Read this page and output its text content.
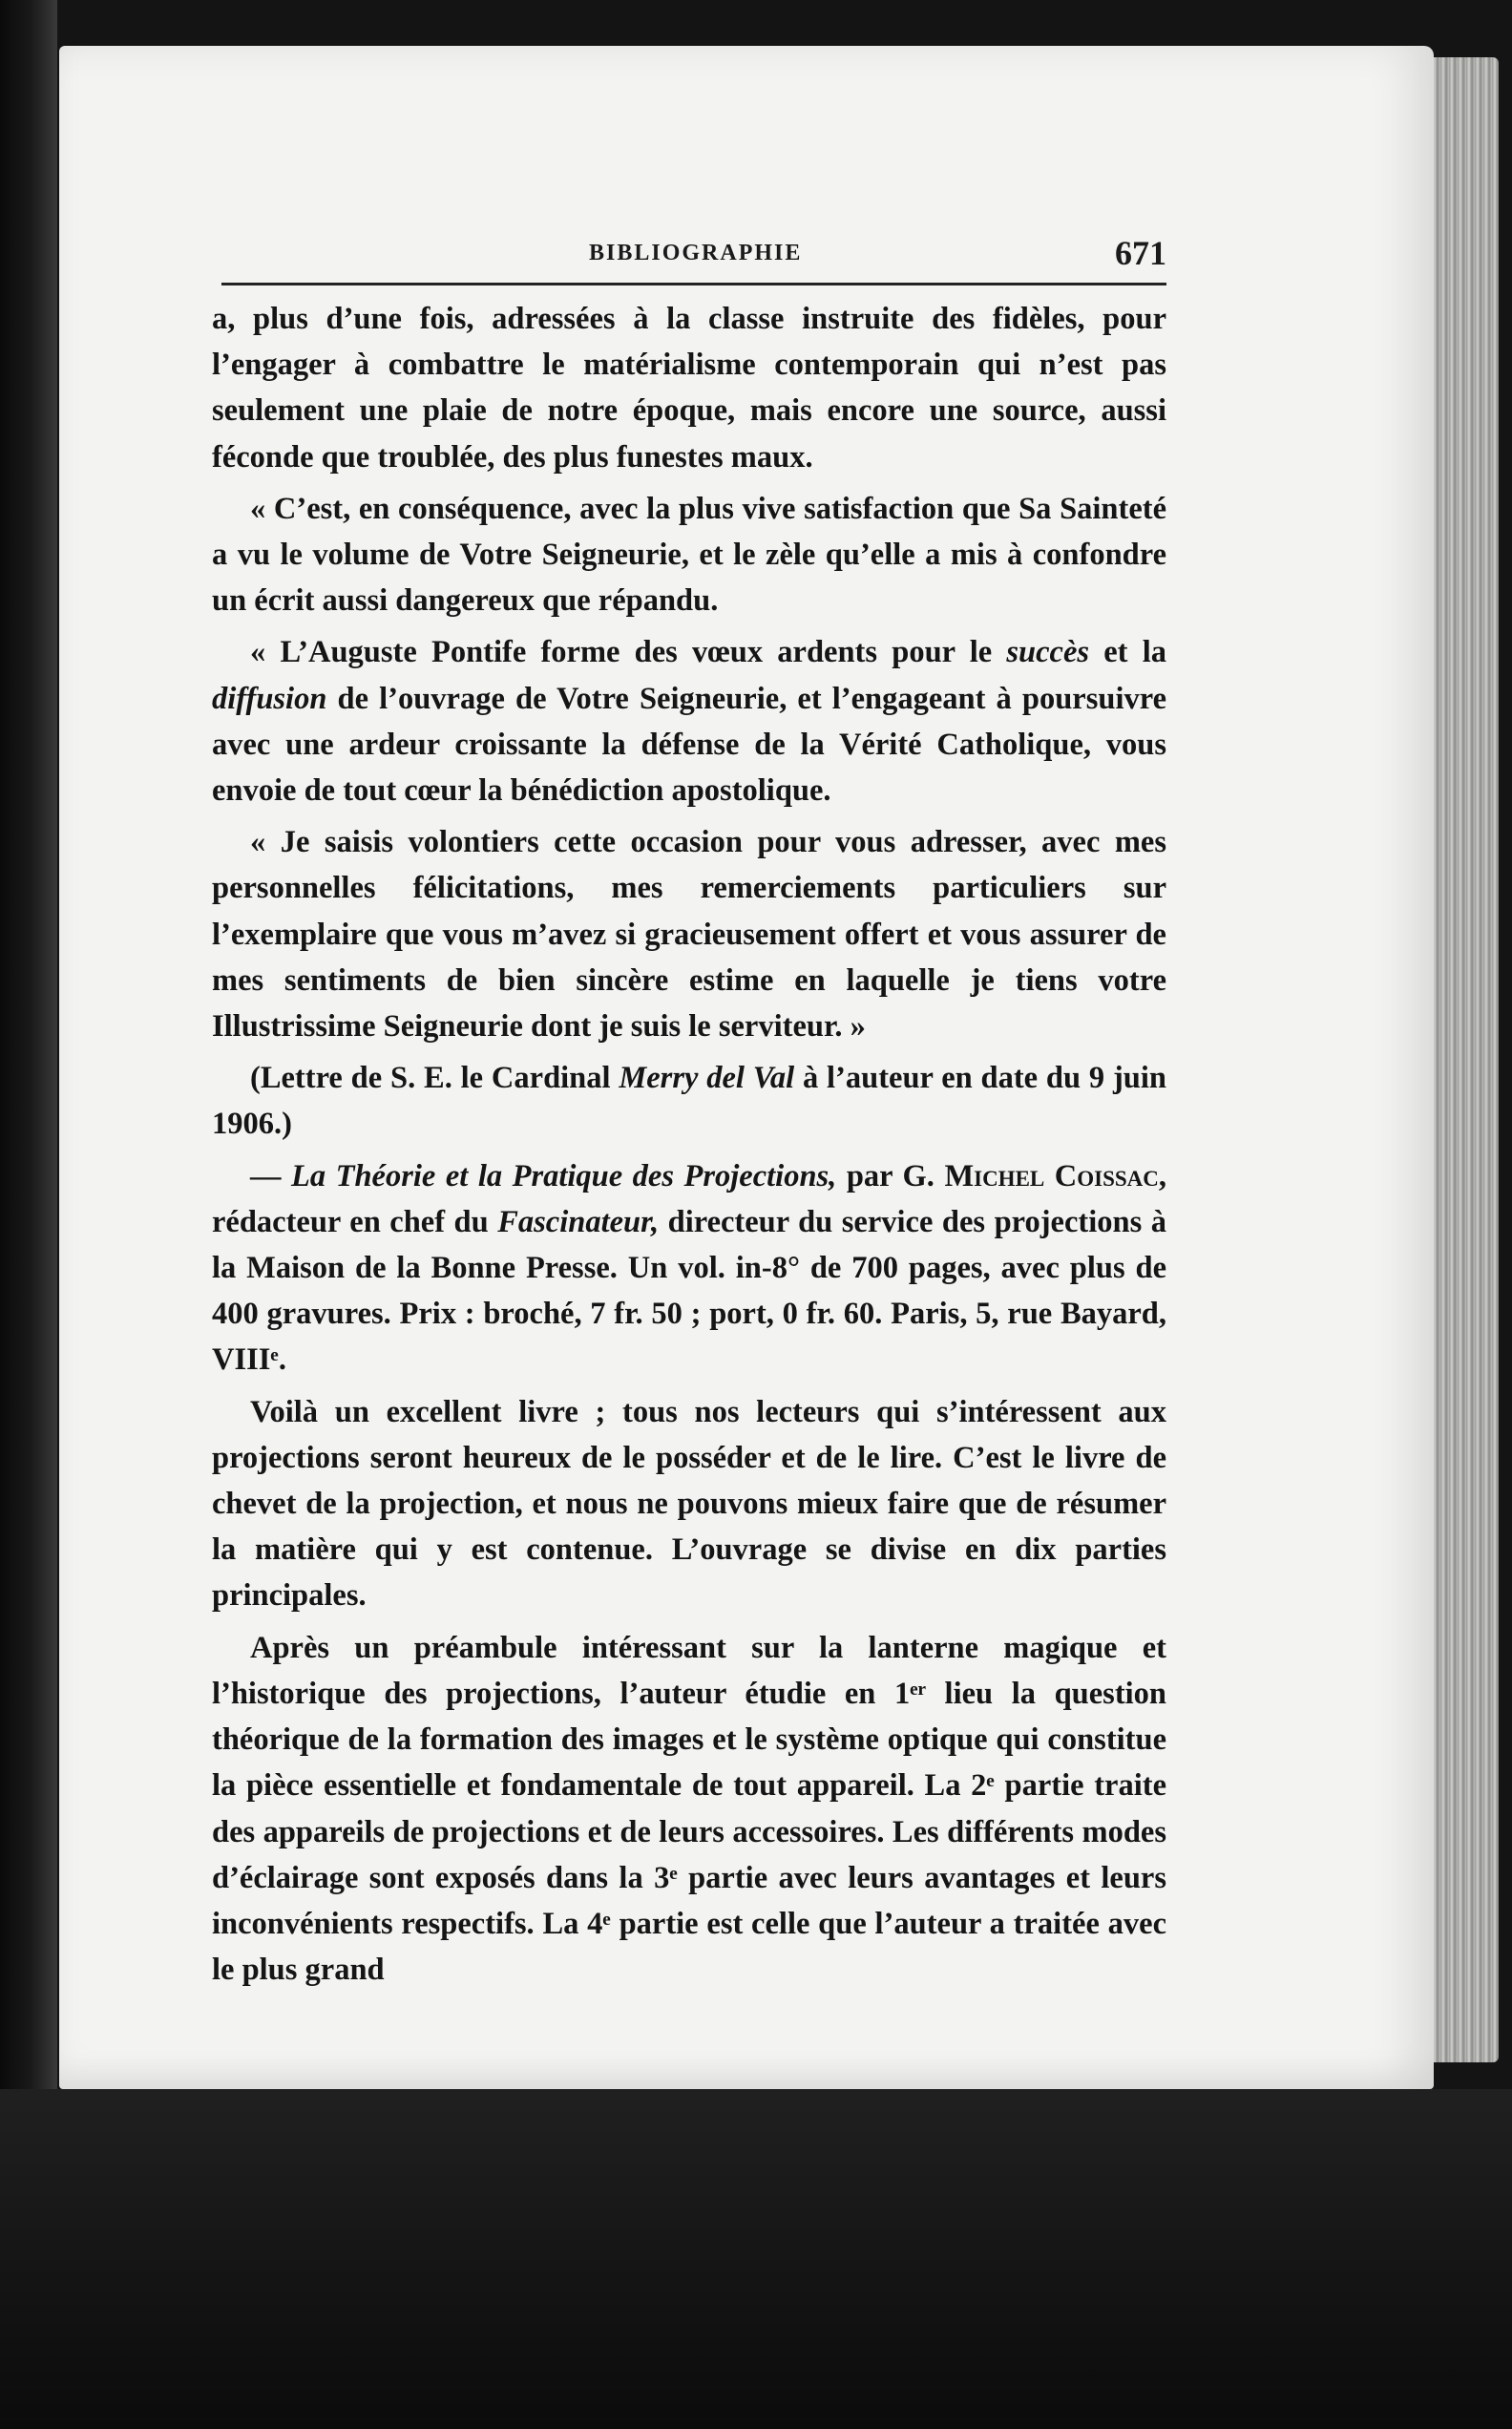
BIBLIOGRAPHIE	671

a, plus d’une fois, adressées à la classe instruite des fidèles, pour l’engager à combattre le matérialisme contemporain qui n’est pas seulement une plaie de notre époque, mais encore une source, aussi féconde que troublée, des plus funestes maux.

« C’est, en conséquence, avec la plus vive satisfaction que Sa Sainteté a vu le volume de Votre Seigneurie, et le zèle qu’elle a mis à confondre un écrit aussi dangereux que répandu.

« L’Auguste Pontife forme des vœux ardents pour le succès et la diffusion de l’ouvrage de Votre Seigneurie, et l’engageant à poursuivre avec une ardeur croissante la défense de la Vérité Catholique, vous envoie de tout cœur la bénédiction apostolique.

« Je saisis volontiers cette occasion pour vous adresser, avec mes personnelles félicitations, mes remerciements particuliers sur l’exemplaire que vous m’avez si gracieusement offert et vous assurer de mes sentiments de bien sincère estime en laquelle je tiens votre Illustrissime Seigneurie dont je suis le serviteur. »

(Lettre de S. E. le Cardinal Merry del Val à l’auteur en date du 9 juin 1906.)

— La Théorie et la Pratique des Projections, par G. Michel Coissac, rédacteur en chef du Fascinateur, directeur du service des projections à la Maison de la Bonne Presse. Un vol. in-8° de 700 pages, avec plus de 400 gravures. Prix : broché, 7 fr. 50 ; port, 0 fr. 60. Paris, 5, rue Bayard, VIIIᵉ.

Voilà un excellent livre ; tous nos lecteurs qui s’intéressent aux projections seront heureux de le posséder et de le lire. C’est le livre de chevet de la projection, et nous ne pouvons mieux faire que de résumer la matière qui y est contenue. L’ouvrage se divise en dix parties principales.

Après un préambule intéressant sur la lanterne magique et l’historique des projections, l’auteur étudie en 1ᵉʳ lieu la question théorique de la formation des images et le système optique qui constitue la pièce essentielle et fondamentale de tout appareil. La 2ᵉ partie traite des appareils de projections et de leurs accessoires. Les différents modes d’éclairage sont exposés dans la 3ᵉ partie avec leurs avantages et leurs inconvénients respectifs. La 4ᵉ partie est celle que l’auteur a traitée avec le plus grand
